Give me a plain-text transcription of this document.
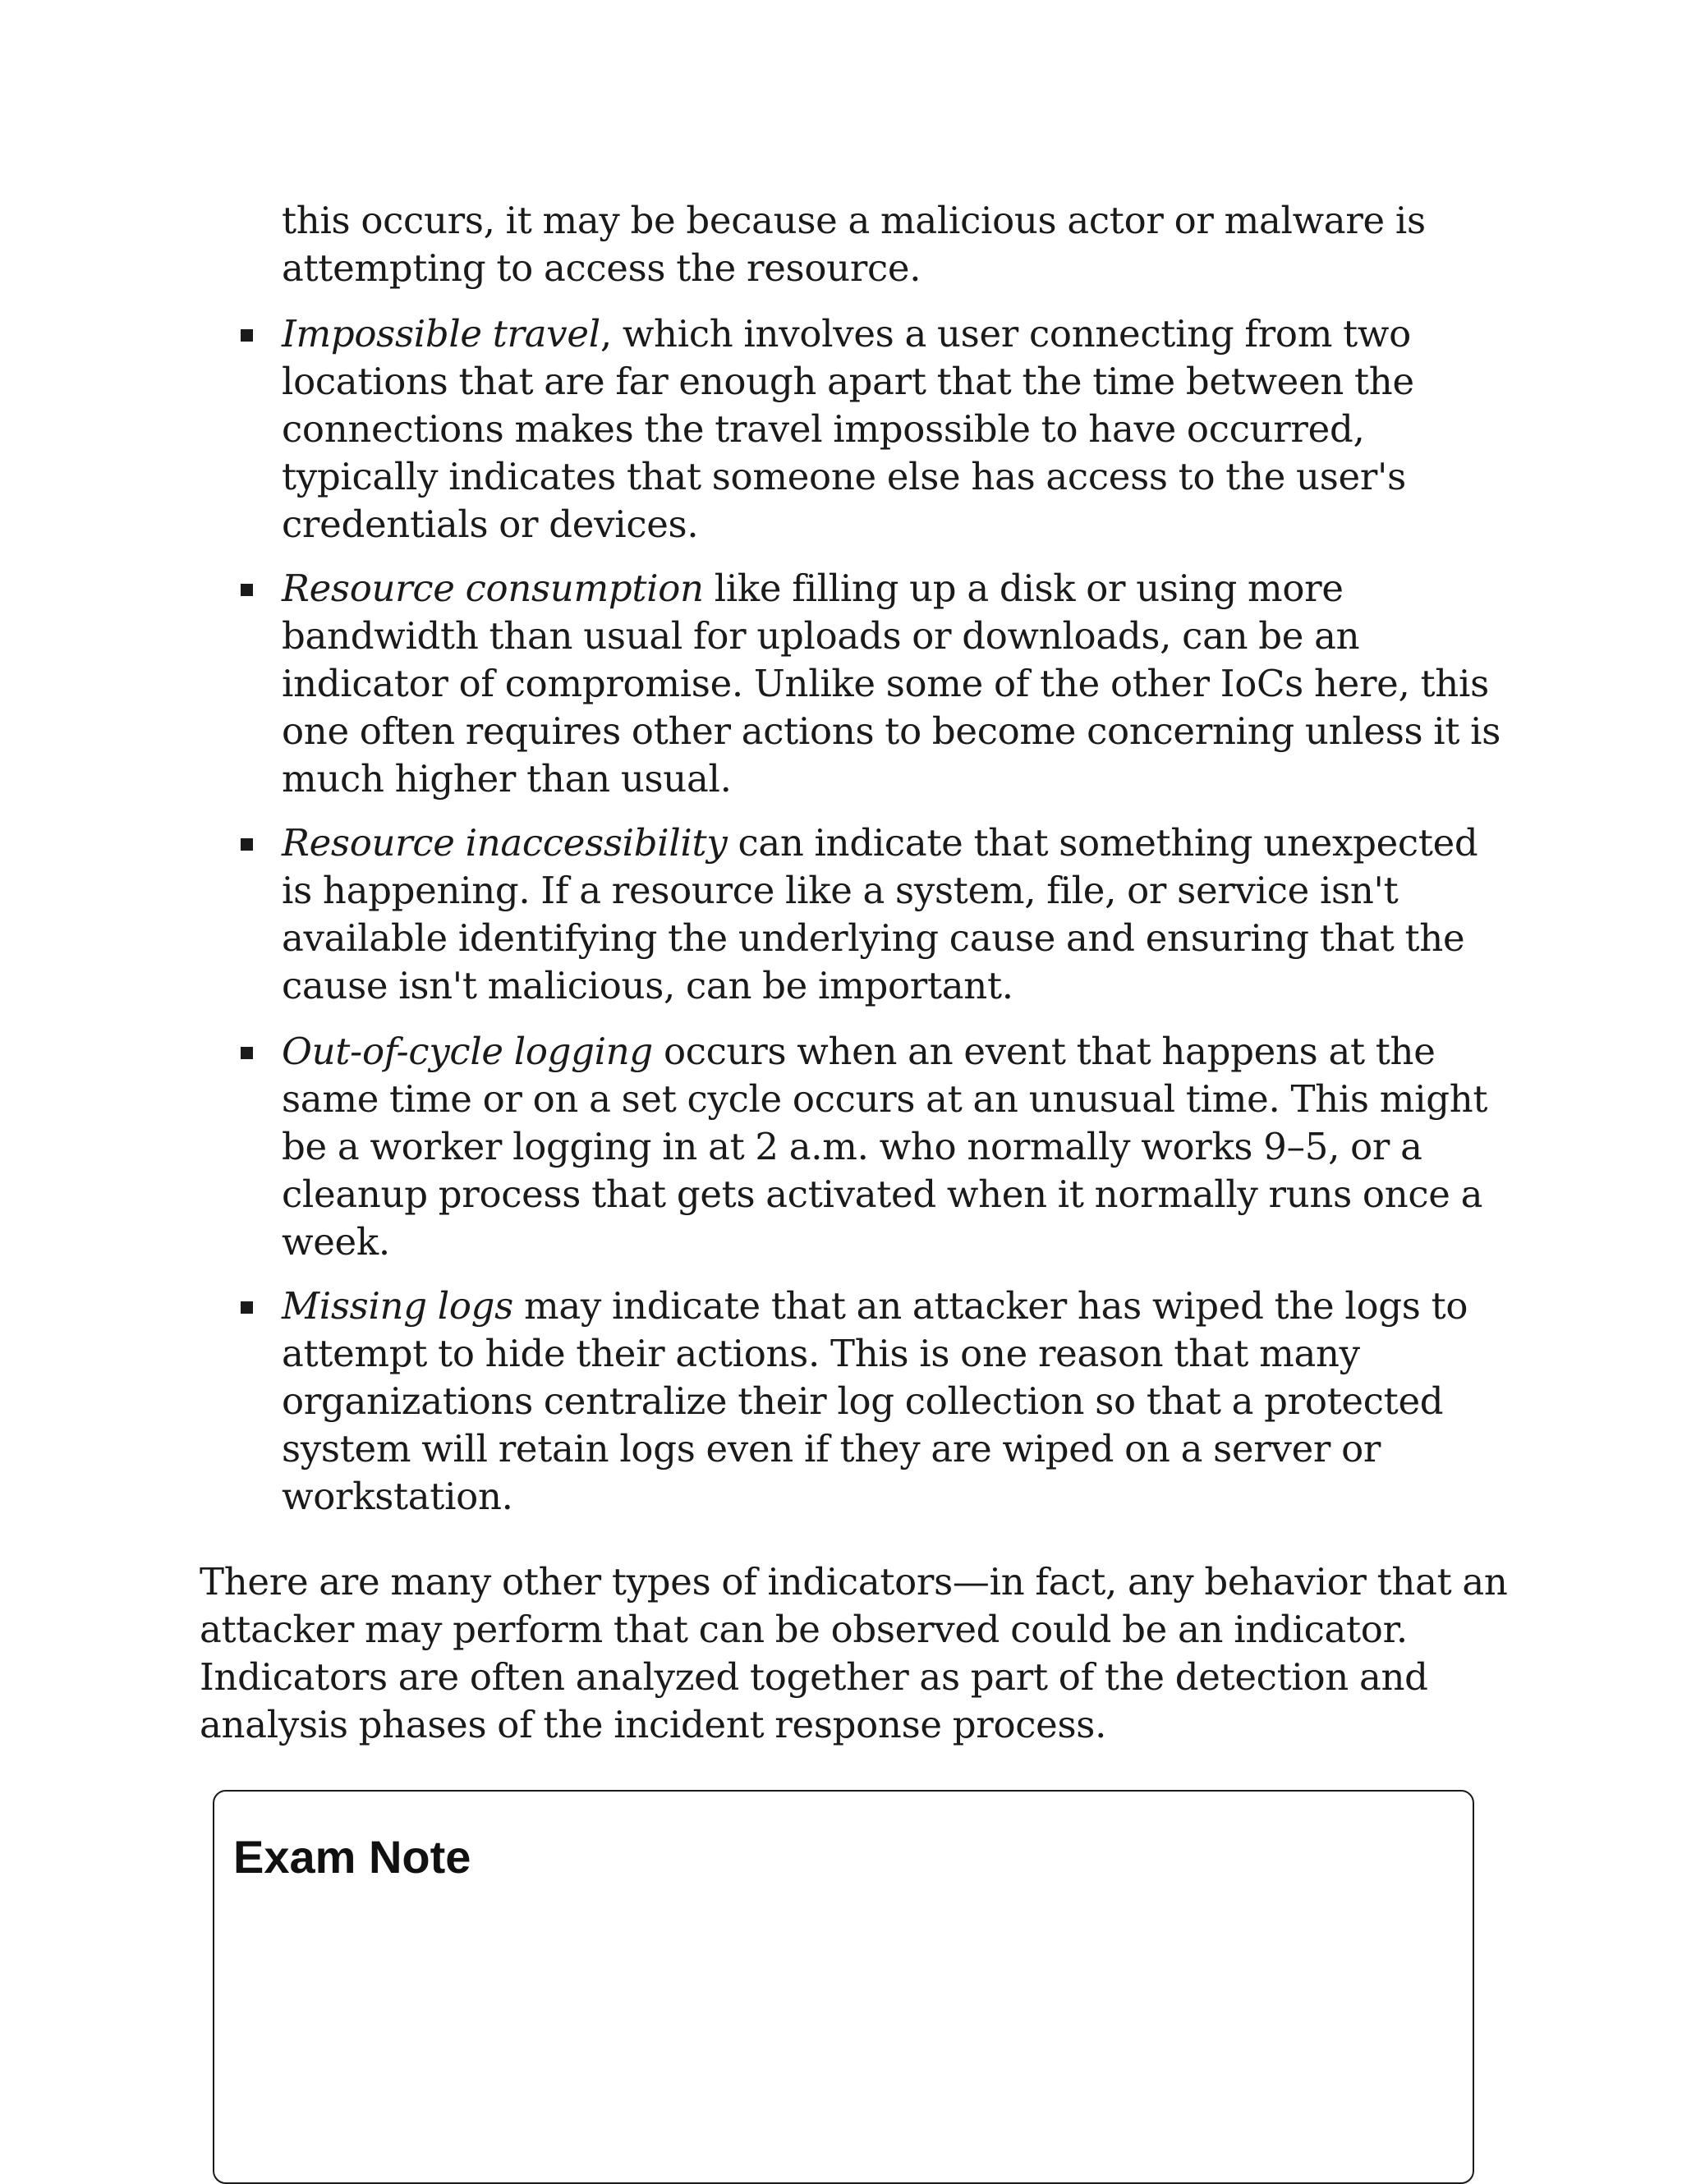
this occurs, it may be because a malicious actor or malware is
attempting to access the resource.
Impossible travel, which involves a user connecting from two
locations that are far enough apart that the time between the
connections makes the travel impossible to have occurred,
typically indicates that someone else has access to the user's
credentials or devices.
Resource consumption like filling up a disk or using more
bandwidth than usual for uploads or downloads, can be an
indicator of compromise. Unlike some of the other IoCs here, this
one often requires other actions to become concerning unless it is
much higher than usual.
Resource inaccessibility can indicate that something unexpected
is happening. If a resource like a system, file, or service isn't
available identifying the underlying cause and ensuring that the
cause isn't malicious, can be important.
Out-of-cycle logging occurs when an event that happens at the
same time or on a set cycle occurs at an unusual time. This might
be a worker logging in at 2 a.m. who normally works 9–5, or a
cleanup process that gets activated when it normally runs once a
week.
Missing logs may indicate that an attacker has wiped the logs to
attempt to hide their actions. This is one reason that many
organizations centralize their log collection so that a protected
system will retain logs even if they are wiped on a server or
workstation.
There are many other types of indicators—in fact, any behavior that an
attacker may perform that can be observed could be an indicator.
Indicators are often analyzed together as part of the detection and
analysis phases of the incident response process.
Exam Note
